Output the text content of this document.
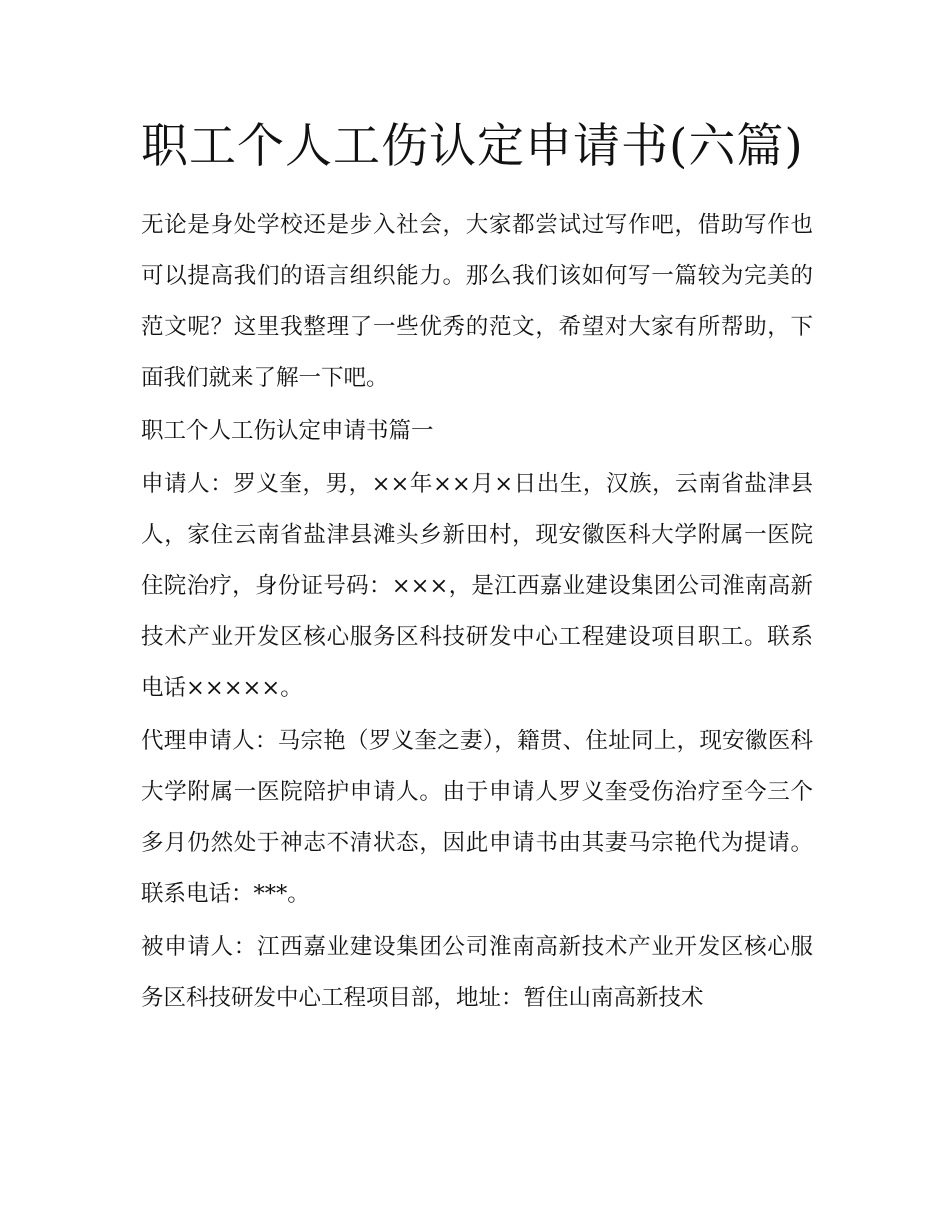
职工个人工伤认定申请书(六篇)

无论是身处学校还是步入社会，大家都尝试过写作吧，借助写作也可以提高我们的语言组织能力。那么我们该如何写一篇较为完美的范文呢？这里我整理了一些优秀的范文，希望对大家有所帮助，下面我们就来了解一下吧。

职工个人工伤认定申请书篇一

申请人：罗义奎，男，××年××月×日出生，汉族，云南省盐津县人，家住云南省盐津县滩头乡新田村，现安徽医科大学附属一医院住院治疗，身份证号码：×××，是江西嘉业建设集团公司淮南高新技术产业开发区核心服务区科技研发中心工程建设项目职工。联系电话×××××。

代理申请人：马宗艳（罗义奎之妻），籍贯、住址同上，现安徽医科大学附属一医院陪护申请人。由于申请人罗义奎受伤治疗至今三个多月仍然处于神志不清状态，因此申请书由其妻马宗艳代为提请。联系电话：***。

被申请人：江西嘉业建设集团公司淮南高新技术产业开发区核心服务区科技研发中心工程项目部，地址：暂住山南高新技术
